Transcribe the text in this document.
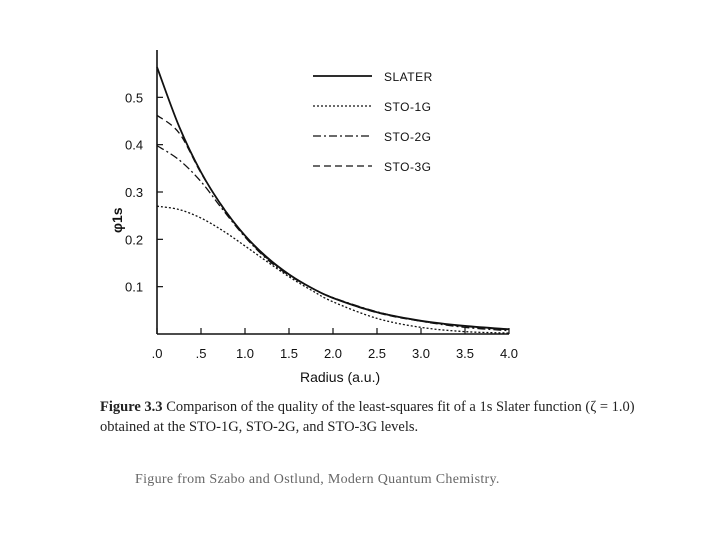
.0	.5 1.0 1.5 2.0 2.5 3.0 3.5 4.0
0.1
0.2
0.3
0.4
0.5
SLATER
STO-1G
STO-2G
STO-3G
Radius (a.u.)
φ1s
Figure 3.3 Comparison of the quality of the least-squares fit of a 1s Slater function (ζ = 1.0) obtained at the STO-1G, STO-2G, and STO-3G levels.
Figure from Szabo and Ostlund, Modern Quantum Chemistry.
